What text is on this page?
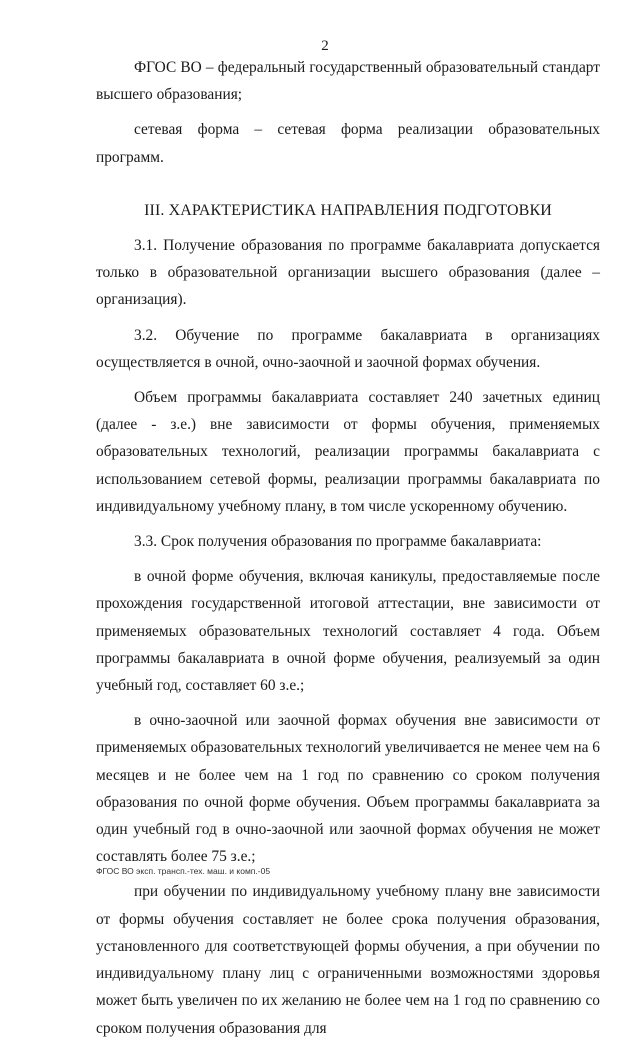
2

ФГОС ВО – федеральный государственный образовательный стандарт высшего образования;

сетевая форма – сетевая форма реализации образовательных программ.

III. ХАРАКТЕРИСТИКА НАПРАВЛЕНИЯ ПОДГОТОВКИ

3.1. Получение образования по программе бакалавриата допускается только в образовательной организации высшего образования (далее – организация).

3.2. Обучение по программе бакалавриата в организациях осуществляется в очной, очно-заочной и заочной формах обучения.

Объем программы бакалавриата составляет 240 зачетных единиц (далее - з.е.) вне зависимости от формы обучения, применяемых образовательных технологий, реализации программы бакалавриата с использованием сетевой формы, реализации программы бакалавриата по индивидуальному учебному плану, в том числе ускоренному обучению.

3.3. Срок получения образования по программе бакалавриата:

в очной форме обучения, включая каникулы, предоставляемые после прохождения государственной итоговой аттестации, вне зависимости от применяемых образовательных технологий составляет 4 года. Объем программы бакалавриата в очной форме обучения, реализуемый за один учебный год, составляет 60 з.е.;

в очно-заочной или заочной формах обучения вне зависимости от применяемых образовательных технологий увеличивается не менее чем на 6 месяцев и не более чем на 1 год по сравнению со сроком получения образования по очной форме обучения. Объем программы бакалавриата за один учебный год в очно-заочной или заочной формах обучения не может составлять более 75 з.е.;

при обучении по индивидуальному учебному плану вне зависимости от формы обучения составляет не более срока получения образования, установленного для соответствующей формы обучения, а при обучении по индивидуальному плану лиц с ограниченными возможностями здоровья может быть увеличен по их желанию не более чем на 1 год по сравнению со сроком получения образования для

ФГОС ВО эксп. трансп.-тех. маш. и комп.-05
